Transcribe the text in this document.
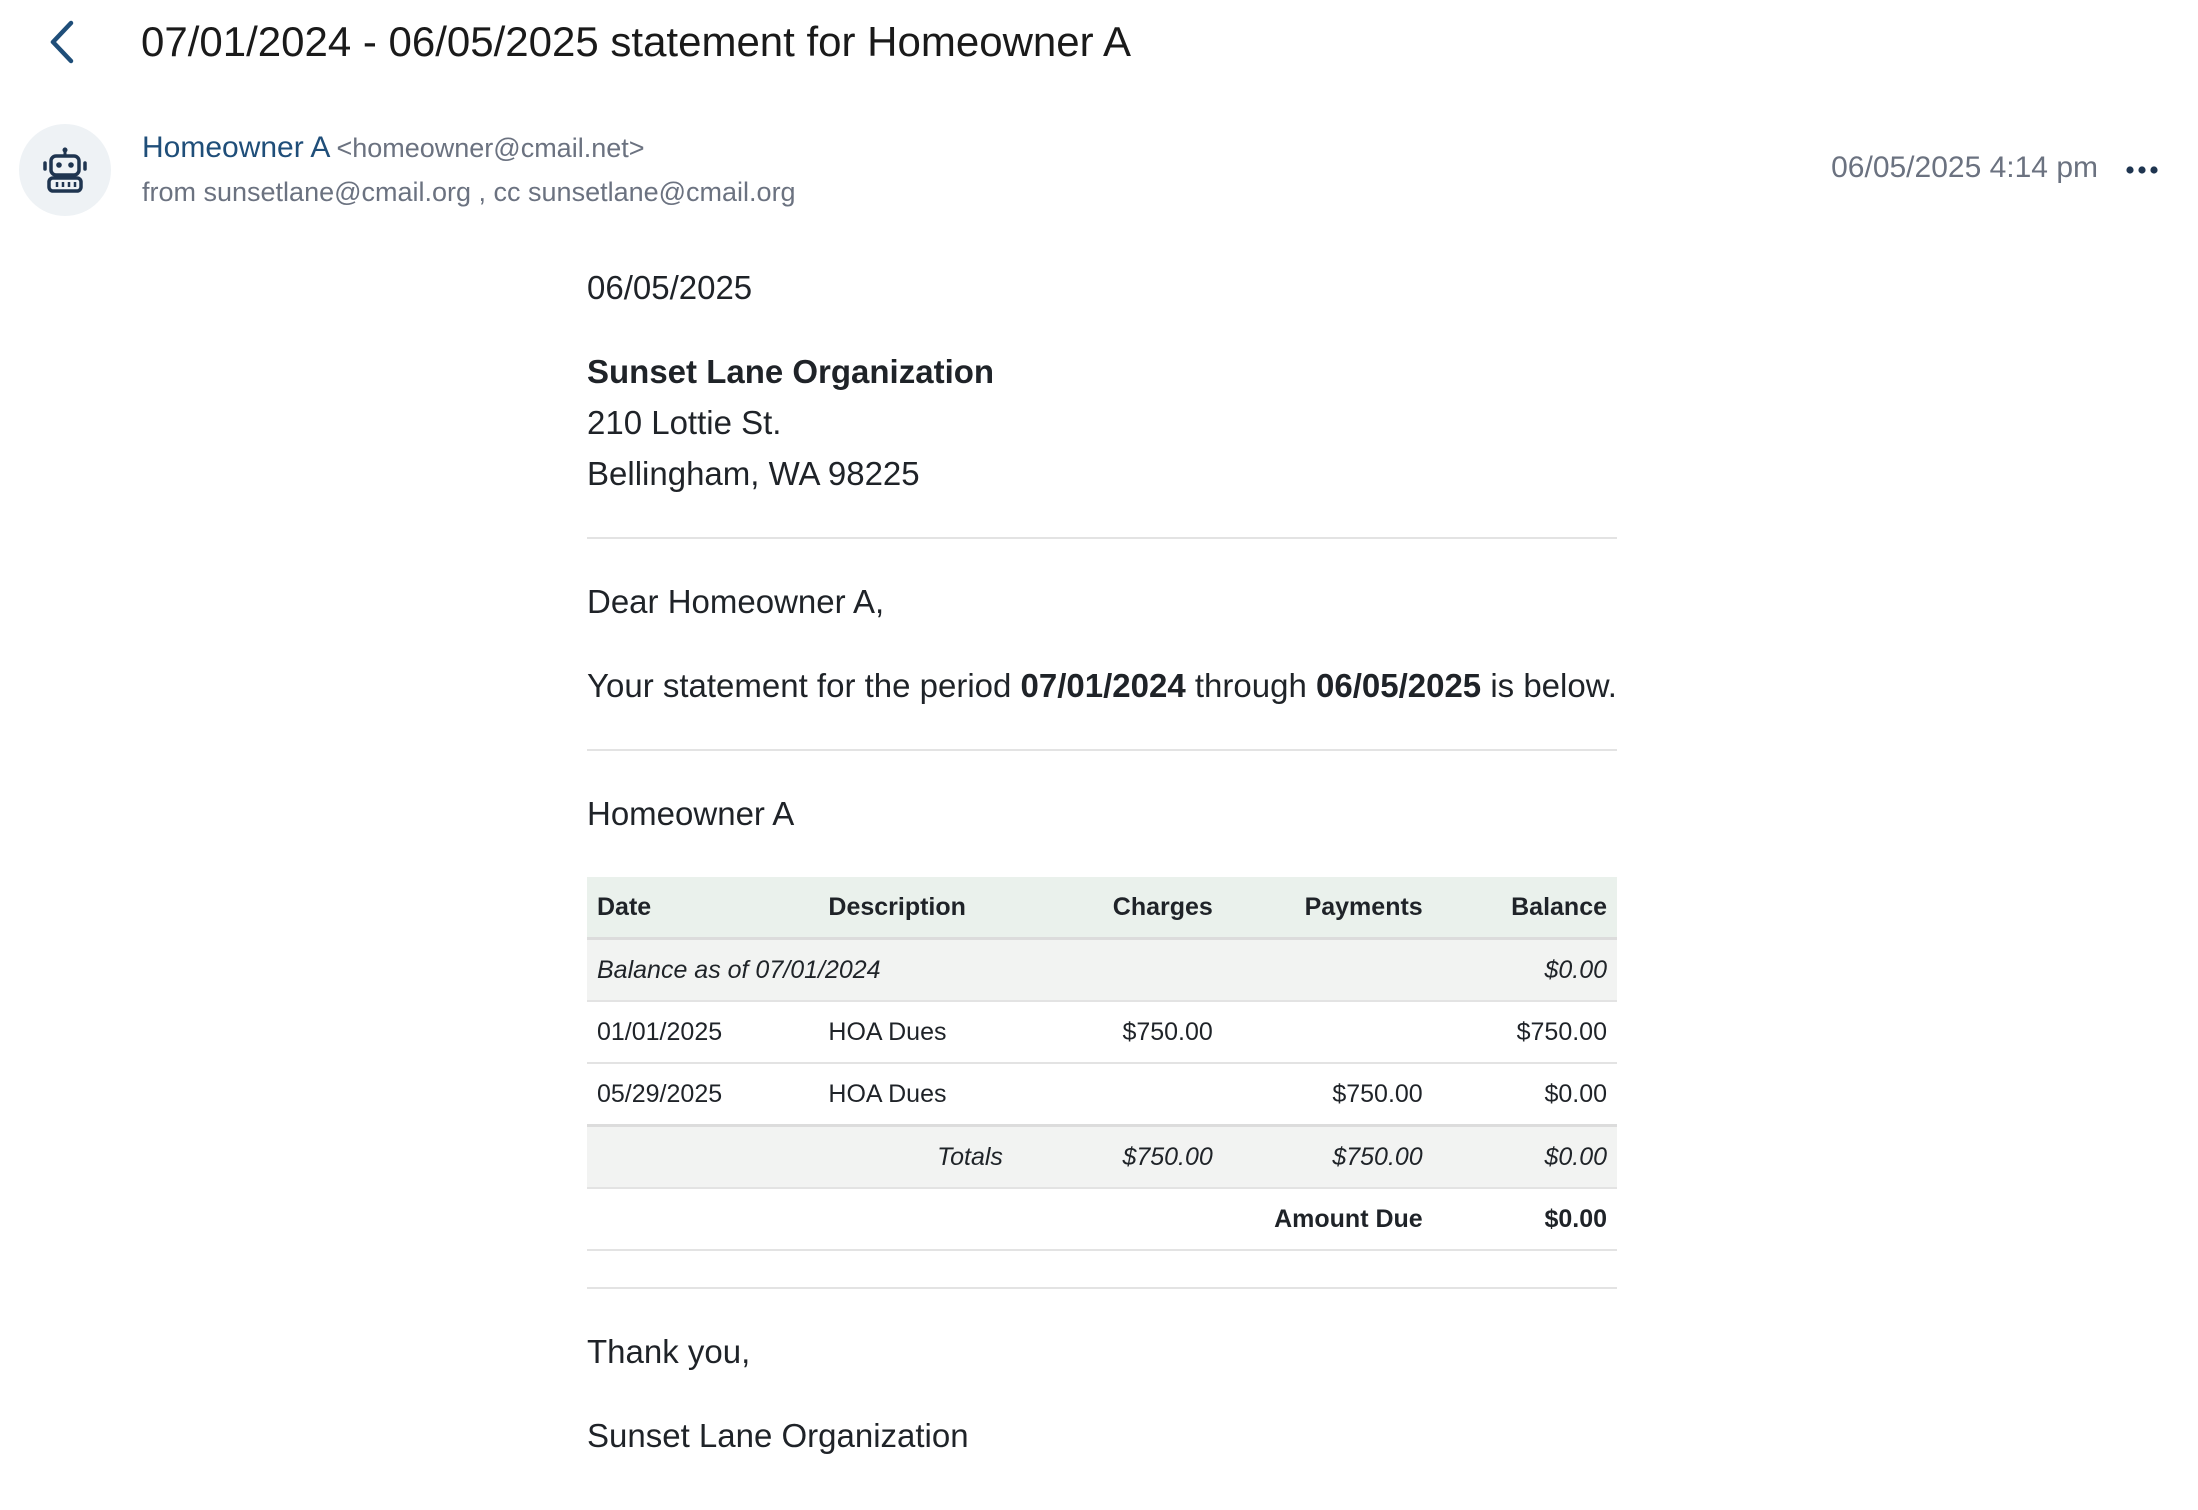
07/01/2024 - 06/05/2025 statement for Homeowner A
Homeowner A <homeowner@cmail.net>
from sunsetlane@cmail.org , cc sunsetlane@cmail.org
06/05/2025 4:14 pm

06/05/2025

Sunset Lane Organization

210 Lottie St.

Bellingham, WA 98225

Dear Homeowner A,

Your statement for the period 07/01/2024 through 06/05/2025 is below.

Homeowner A

Date	Description	Charges	Payments	Balance
Balance as of 07/01/2024				$0.00
01/01/2025	HOA Dues	$750.00		$750.00
05/29/2025	HOA Dues		$750.00	$0.00
Totals		$750.00	$750.00	$0.00
Amount Due				$0.00

Thank you,

Sunset Lane Organization
